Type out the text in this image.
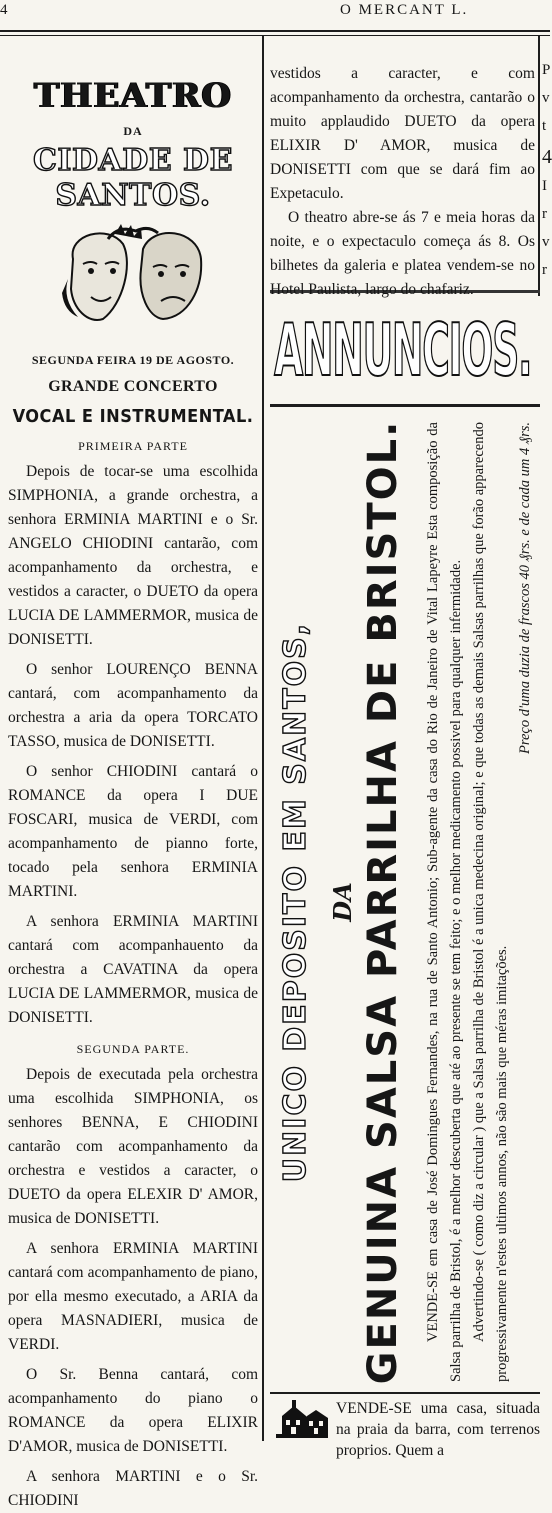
4	O MERCANT L.
THEATRO
DA
CIDADE DE SANTOS.
SEGUNDA FEIRA 19 DE AGOSTO.
GRANDE CONCERTO
VOCAL E INSTRUMENTAL.
PRIMEIRA PARTE

Depois de tocar-se uma escolhida SIMPHONIA, a grande orchestra, a senhora ERMINIA MARTINI e o Sr. ANGELO CHIODINI cantarão, com acompanhamento da orchestra, e vestidos a caracter, o DUETO da opera LUCIA DE LAMMERMOR, musica de DONISETTI.

O senhor LOURENÇO BENNA cantará, com acompanhamento da orchestra a aria da opera TORCATO TASSO, musica de DONISETTI.

O senhor CHIODINI cantará o ROMANCE da opera I DUE FOSCARI, musica de VERDI, com acompanhamento de pianno forte, tocado pela senhora ERMINIA MARTINI.

A senhora ERMINIA MARTINI cantará com acompanhauento da orchestra a CAVATINA da opera LUCIA DE LAMMERMOR, musica de DONISETTI.

SEGUNDA PARTE.

Depois de executada pela orchestra uma escolhida SIMPHONIA, os senhores BENNA, E CHIODINI cantarão com acompanhamento da orchestra e vestidos a caracter, o DUETO da opera ELEXIR D' AMOR, musica de DONISETTI.

A senhora ERMINIA MARTINI cantará com acompanhamento de piano, por ella mesmo executado, a ARIA da opera MASNADIERI, musica de VERDI.

O Sr. Benna cantará, com acompanhamento do piano o ROMANCE da opera ELIXIR D'AMOR, musica de DONISETTI.

A senhora MARTINI e o Sr. CHIODINI

vestidos a caracter, e com acompanhamento da orchestra, cantarão o muito applaudido DUETO da opera ELIXIR D' AMOR, musica de DONISETTI com que se dará fim ao Expetaculo.

O theatro abre-se ás 7 e meia horas da noite, e o expectaculo começa ás 8. Os bilhetes da galeria e platea vendem-se no Hotel Paulista, largo do chafariz.

ANNUNCIOS.
UNICO DEPOSITO EM SANTOS, DA GENUINA SALSA PARRILHA DE BRISTOL. VENDE-SE em casa de José Domingues Fernandes, na rua de Santo Antonio; Sub-agente da casa do Rio de Janeiro de Vital Lapeyre Esta composição da Salsa parrilha de Bristol, é a melhor descuberta que até ao presente se tem feito; e o melhor medicamento possivel para qualquer infermidade. Advertindo-se ( como diz a circular ) que a Salsa parrilha de Bristol é a unica medecina original; e que todas as demais Salsas parrilhas que forão apparecendo progressivamente n'estes ultimos annos, não são mais que méras imitações.

Preço d'uma duzia de frascos 40 ₰rs. e de cada um 4 ₰rs.

VENDE-SE uma casa, situada na praia da barra, com terrenos proprios. Quem a
P
v
t
4
I
r
v
r
